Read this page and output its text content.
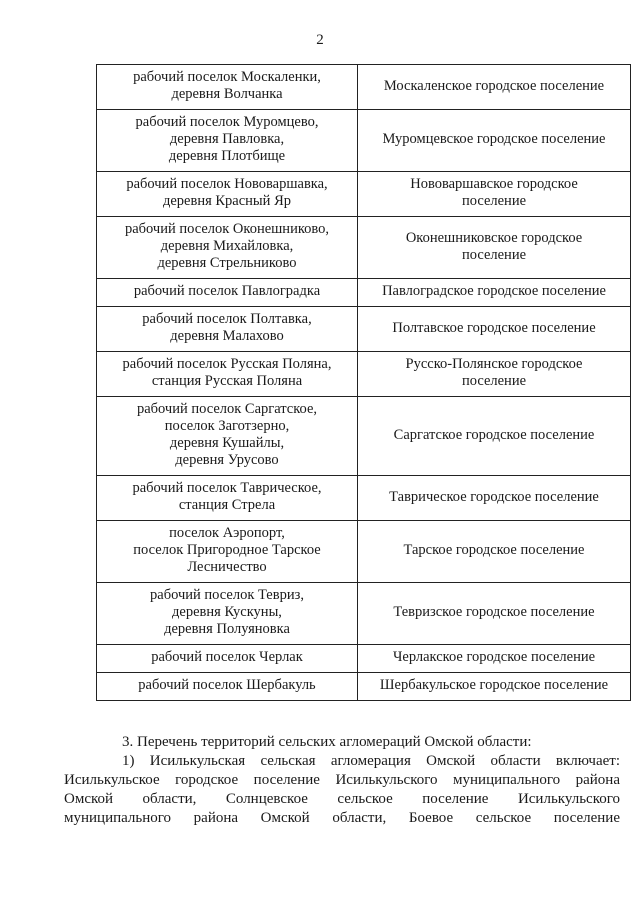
2
рабочий поселок Москаленки,
деревня Волчанка	Москаленское городское поселение

рабочий поселок Муромцево,
деревня Павловка,
деревня Плотбище	Муромцевское городское поселение

рабочий поселок Нововаршавка,
деревня Красный Яр	Нововаршавское городское
поселение

рабочий поселок Оконешниково,
деревня Михайловка,
деревня Стрельниково	Оконешниковское городское
поселение

рабочий поселок Павлоградка	Павлоградское городское поселение

рабочий поселок Полтавка,
деревня Малахово	Полтавское городское поселение

рабочий поселок Русская Поляна,
станция Русская Поляна	Русско-Полянское городское
поселение

рабочий поселок Саргатское,
поселок Заготзерно,
деревня Кушайлы,
деревня Урусово	Саргатское городское поселение

рабочий поселок Таврическое,
станция Стрела	Таврическое городское поселение

поселок Аэропорт,
поселок Пригородное Тарское
Лесничество	Тарское городское поселение

рабочий поселок Тевриз,
деревня Кускуны,
деревня Полуяновка	Тевризское городское поселение

рабочий поселок Черлак	Черлакское городское поселение

рабочий поселок Шербакуль	Шербакульское городское поселение

3. Перечень территорий сельских агломераций Омской области:

1) Исилькульская сельская агломерация Омской области включает:

Исилькульское городское поселение Исилькульского муниципального района

Омской области, Солнцевское сельское поселение Исилькульского

муниципального района Омской области, Боевое сельское поселение
